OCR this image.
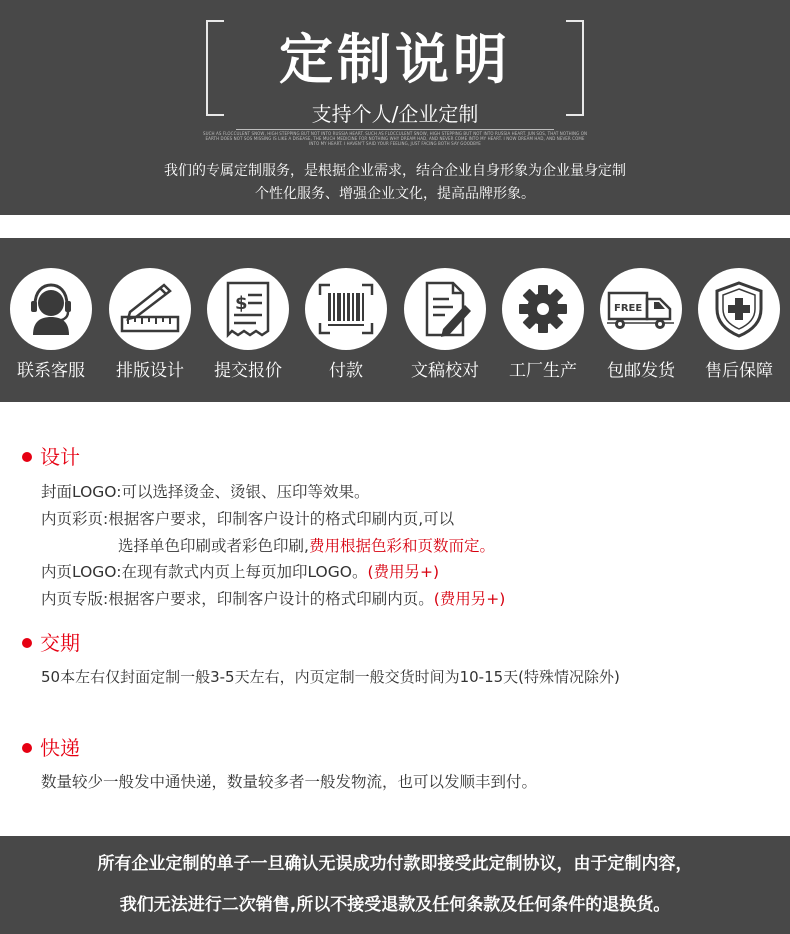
定制说明
支持个人/企业定制
SUCH AS FLOCCULENT SNOW, HIGH STEPPING BUT NOT INTO RUSSIA HEART. SUCH AS FLOCCULENT SNOW, HIGH STEPPING BUT NOT INTO RUSSIA HEART. JUN SOS, THAT NOTHING ON EARTH DOES NOT SOS MISSING IS LIKE A DISEASE, THE MUCH MEDICINE FOR NOTHING WHY DREAM HAD, AND NEVER COME INTO MY HEART. I NOW DREAM HAD, AND NEVER COME INTO MY HEART. I HAVEN'T SAID YOUR FEELING, JUST FACING BOTH SAY GOODBYE
我们的专属定制服务，是根据企业需求，结合企业自身形象为企业量身定制
个性化服务、增强企业文化，提高品牌形象。
联系客服	排版设计
$
提交报价	付款	文稿校对	工厂生产
FREE
包邮发货	售后保障
设计
封面LOGO:可以选择烫金、烫银、压印等效果。
内页彩页:根据客户要求，印制客户设计的格式印刷内页,可以
选择单色印刷或者彩色印刷,费用根据色彩和页数而定。
内页LOGO:在现有款式内页上每页加印LOGO。(费用另+)
内页专版:根据客户要求，印制客户设计的格式印刷内页。(费用另+)
交期
50本左右仅封面定制一般3-5天左右，内页定制一般交货时间为10-15天(特殊情况除外)
快递
数量较少一般发中通快递，数量较多者一般发物流，也可以发顺丰到付。
所有企业定制的单子一旦确认无误成功付款即接受此定制协议，由于定制内容，
我们无法进行二次销售,所以不接受退款及任何条款及任何条件的退换货。
